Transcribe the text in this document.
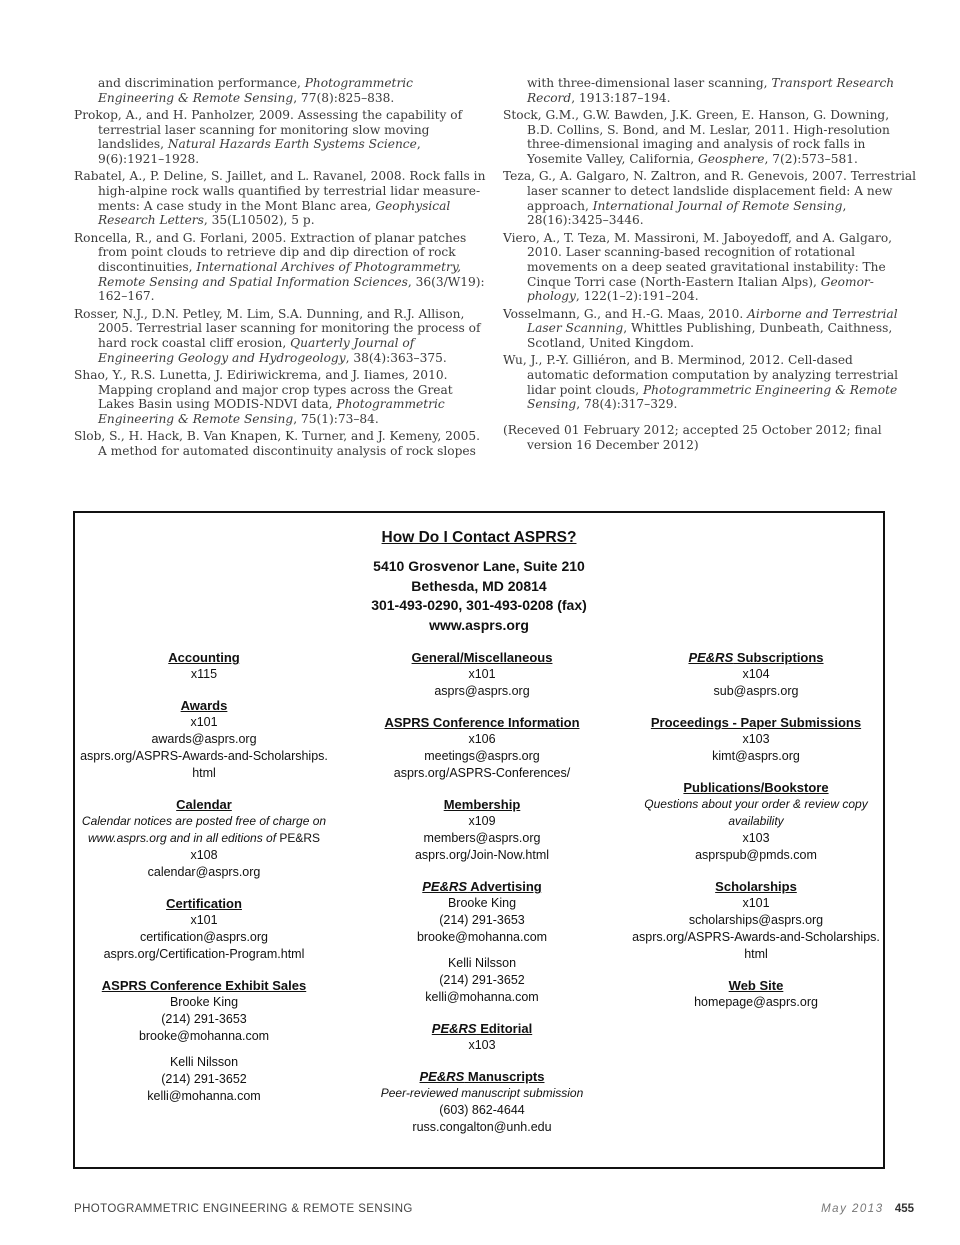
and discrimination performance, Photogrammetric Engineering & Remote Sensing, 77(8):825–838.
Prokop, A., and H. Panholzer, 2009. Assessing the capability of terrestrial laser scanning for monitoring slow moving landslides, Natural Hazards Earth Systems Science, 9(6):1921–1928.
Rabatel, A., P. Deline, S. Jaillet, and L. Ravanel, 2008. Rock falls in high-alpine rock walls quantified by terrestrial lidar measure- ments: A case study in the Mont Blanc area, Geophysical Research Letters, 35(L10502), 5 p.
Roncella, R., and G. Forlani, 2005. Extraction of planar patches from point clouds to retrieve dip and dip direction of rock discontinuities, International Archives of Photogrammetry, Remote Sensing and Spatial Information Sciences, 36(3/W19): 162–167.
Rosser, N.J., D.N. Petley, M. Lim, S.A. Dunning, and R.J. Allison, 2005. Terrestrial laser scanning for monitoring the process of hard rock coastal cliff erosion, Quarterly Journal of Engineering Geology and Hydrogeology, 38(4):363–375.
Shao, Y., R.S. Lunetta, J. Ediriwickrema, and J. Iiames, 2010. Mapping cropland and major crop types across the Great Lakes Basin using MODIS-NDVI data, Photogrammetric Engineering & Remote Sensing, 75(1):73–84.
Slob, S., H. Hack, B. Van Knapen, K. Turner, and J. Kemeny, 2005. A method for automated discontinuity analysis of rock slopes
with three-dimensional laser scanning, Transport Research Record, 1913:187–194.
Stock, G.M., G.W. Bawden, J.K. Green, E. Hanson, G. Downing, B.D. Collins, S. Bond, and M. Leslar, 2011. High-resolution three-dimensional imaging and analysis of rock falls in Yosemite Valley, California, Geosphere, 7(2):573–581.
Teza, G., A. Galgaro, N. Zaltron, and R. Genevois, 2007. Terrestrial laser scanner to detect landslide displacement field: A new approach, International Journal of Remote Sensing, 28(16):3425–3446.
Viero, A., T. Teza, M. Massironi, M. Jaboyedoff, and A. Galgaro, 2010. Laser scanning-based recognition of rotational movements on a deep seated gravitational instability: The Cinque Torri case (North-Eastern Italian Alps), Geomor- phology, 122(1–2):191–204.
Vosselmann, G., and H.-G. Maas, 2010. Airborne and Terrestrial Laser Scanning, Whittles Publishing, Dunbeath, Caithness, Scotland, United Kingdom.
Wu, J., P.-Y. Gilliéron, and B. Merminod, 2012. Cell-dased automatic deformation computation by analyzing terrestrial lidar point clouds, Photogrammetric Engineering & Remote Sensing, 78(4):317–329.
(Receved 01 February 2012; accepted 25 October 2012; final version 16 December 2012)
How Do I Contact ASPRS?
5410 Grosvenor Lane, Suite 210
Bethesda, MD 20814
301-493-0290, 301-493-0208 (fax)
www.asprs.org
Accounting
x115
Awards
x101
awards@asprs.org
asprs.org/ASPRS-Awards-and-Scholarships.
html
Calendar
Calendar notices are posted free of charge on www.asprs.org and in all editions of PE&RS
x108
calendar@asprs.org
Certification
x101
certification@asprs.org
asprs.org/Certification-Program.html
ASPRS Conference Exhibit Sales
Brooke King
(214) 291-3653
brooke@mohanna.com
Kelli Nilsson
(214) 291-3652
kelli@mohanna.com
General/Miscellaneous
x101
asprs@asprs.org
ASPRS Conference Information
x106
meetings@asprs.org
asprs.org/ASPRS-Conferences/
Membership
x109
members@asprs.org
asprs.org/Join-Now.html
PE&RS Advertising
Brooke King
(214) 291-3653
brooke@mohanna.com
Kelli Nilsson
(214) 291-3652
kelli@mohanna.com
PE&RS Editorial
x103
PE&RS Manuscripts
Peer-reviewed manuscript submission
(603) 862-4644
russ.congalton@unh.edu
PE&RS Subscriptions
x104
sub@asprs.org
Proceedings - Paper Submissions
x103
kimt@asprs.org
Publications/Bookstore
Questions about your order & review copy availability
x103
asprspub@pmds.com
Scholarships
x101
scholarships@asprs.org
asprs.org/ASPRS-Awards-and-Scholarships.
html
Web Site
homepage@asprs.org
PHOTOGRAMMETRIC ENGINEERING & REMOTE SENSING	May 2013 455
